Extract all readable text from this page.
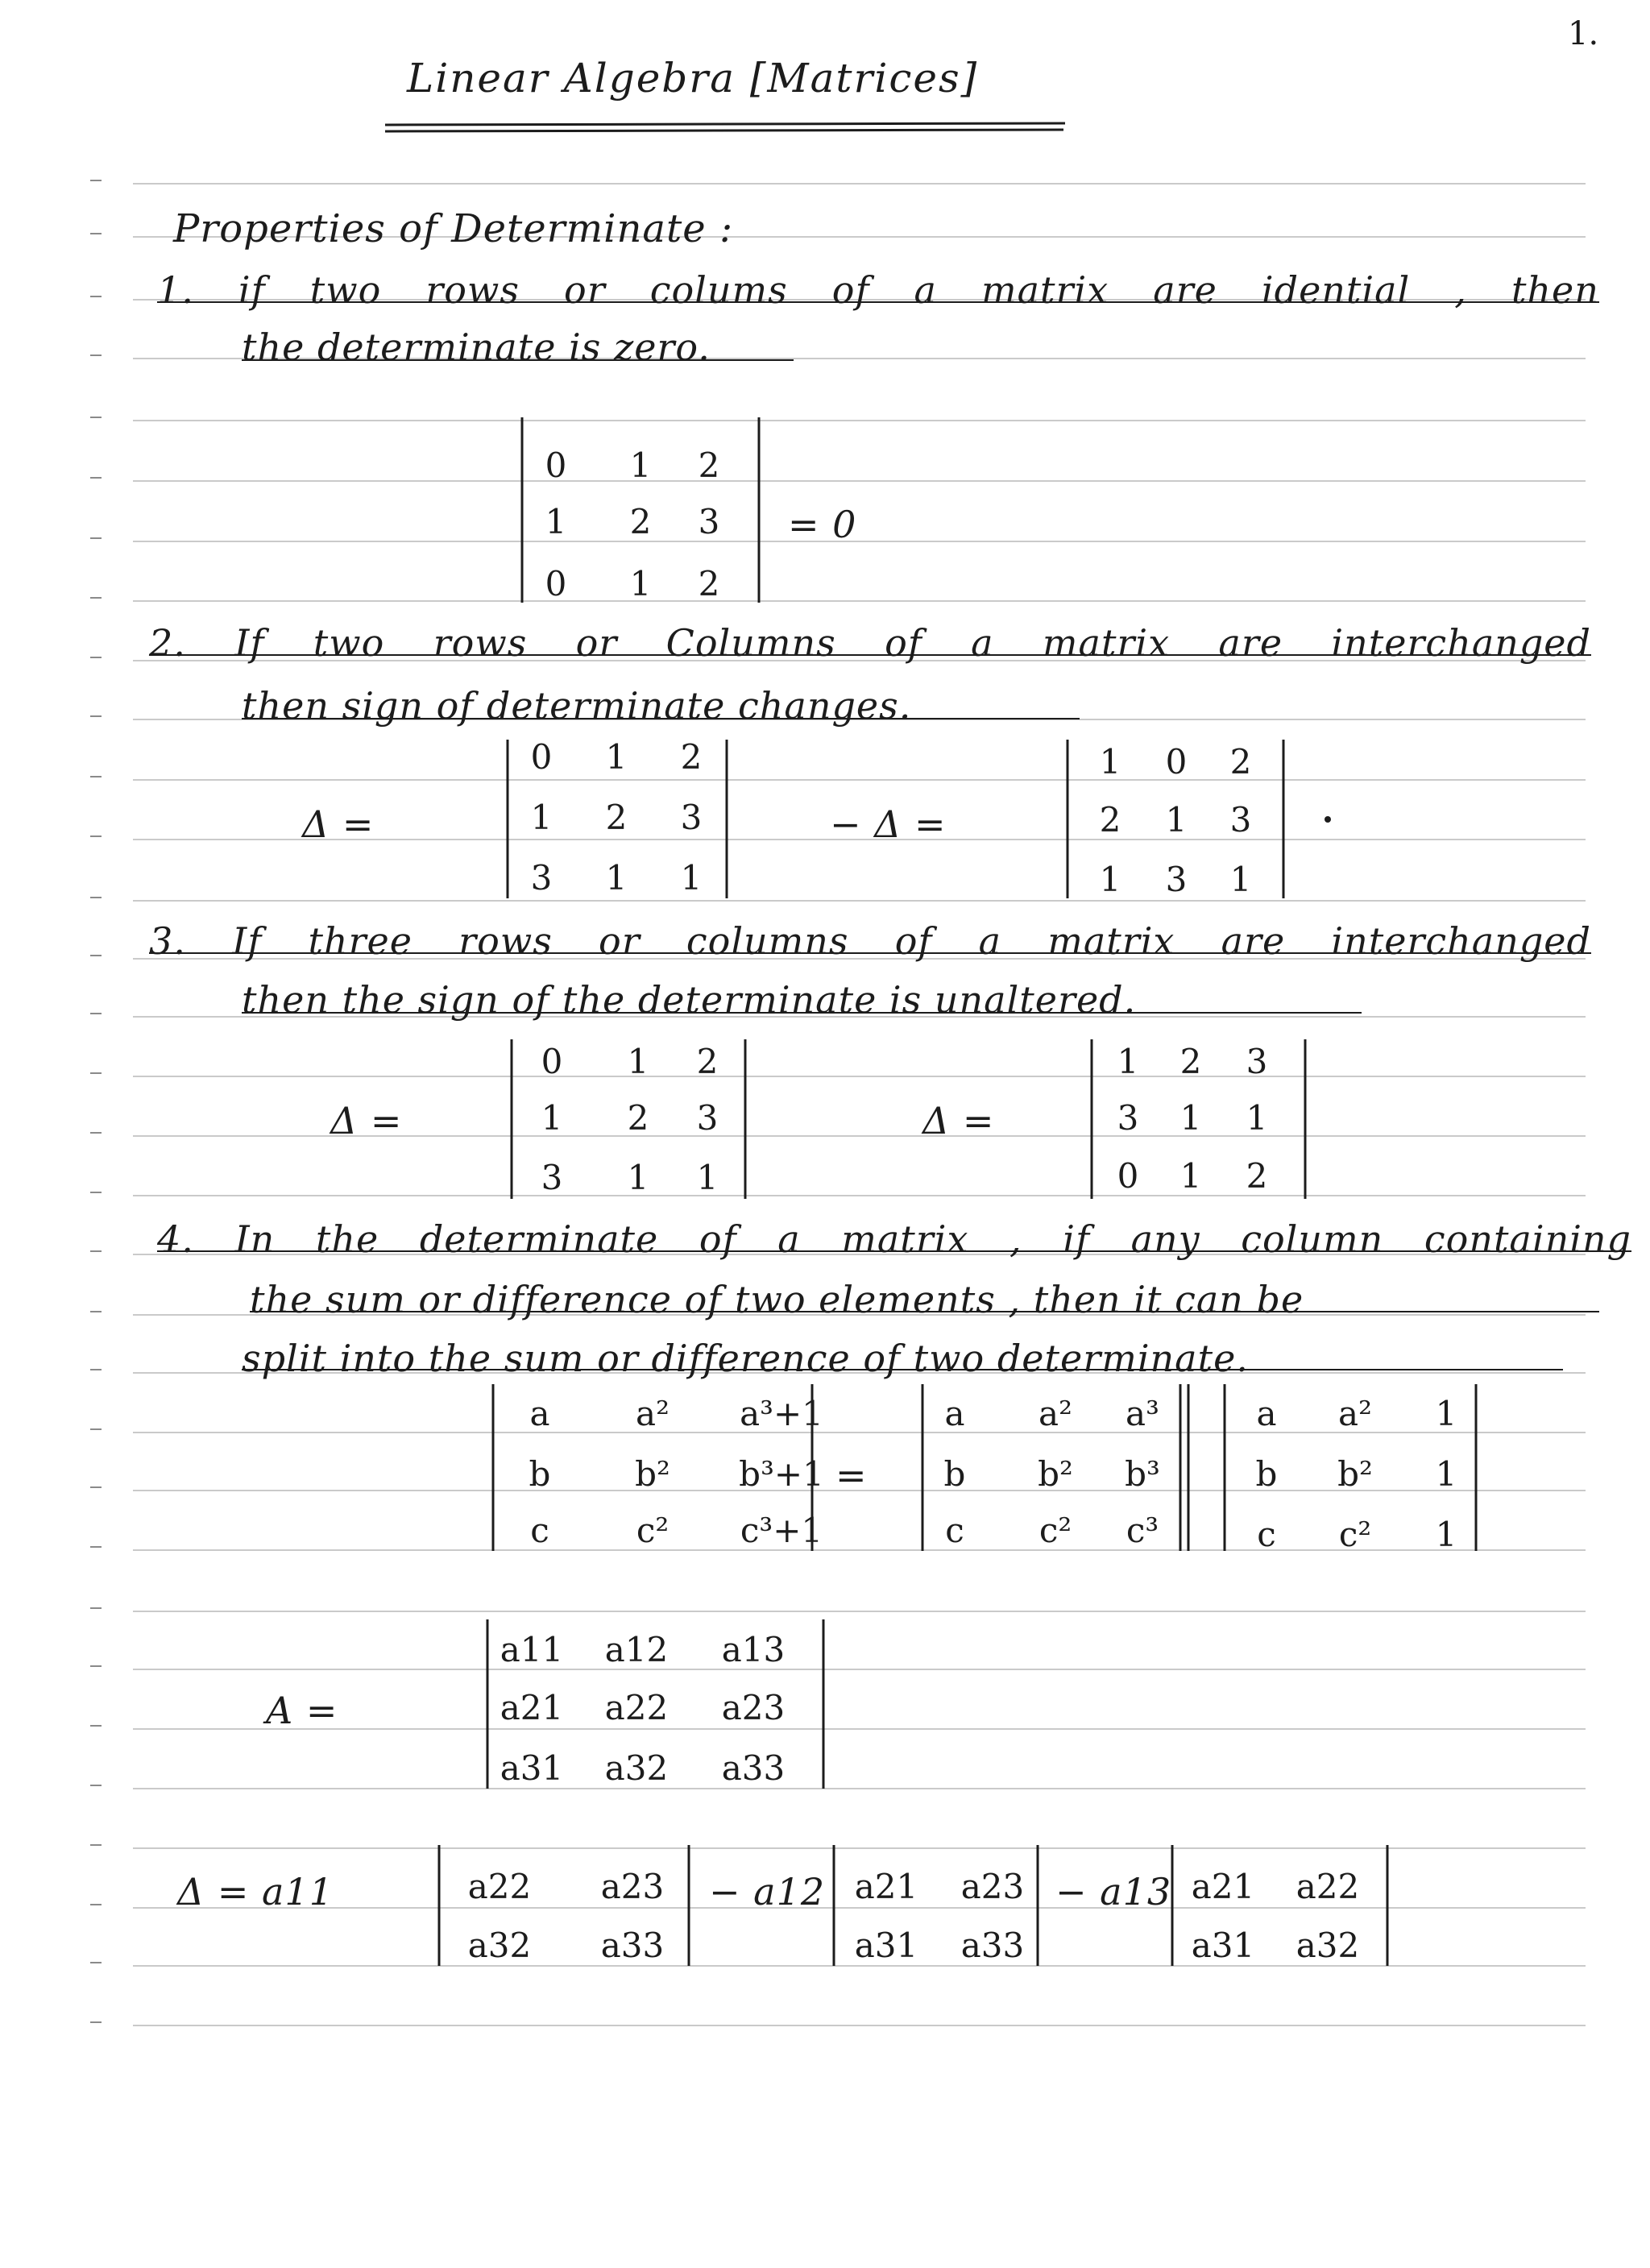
1.
Linear Algebra [Matrices]
Properties of Determinate :
1. if two rows or colums of a matrix are idential , then
the determinate is zero.
2. If two rows or Columns of a matrix are interchanged
then sign of determinate changes.
Δ =	− Δ =
3. If three rows or columns of a matrix are interchanged
then the sign of the determinate is unaltered.
Δ =	Δ =
4. In the determinate of a matrix , if any column containing
the sum or difference of two elements , then it can be
split into the sum or difference of two determinate.
A =
Δ = a11	− a12	− a13
0 1 2
1 2 3
0 1 2
= 0
0 1 2
1 2 3
3 1 1
1 0 2
2 1 3
1 3 1
0 1 2
1 2 3
3 1 1
1 2 3
3 1 1
0 1 2
a	a² a³+1
b b² b³+1
c	c² c³+1
=
a a² a³
b b² b³
c c² c³
a a² 1
b b² 1
c c² 1
a11 a12 a13
a21 a22 a23
a31 a32 a33
a22 a23
a32 a33
a21 a23
a31 a33
a21 a22
a31 a32
